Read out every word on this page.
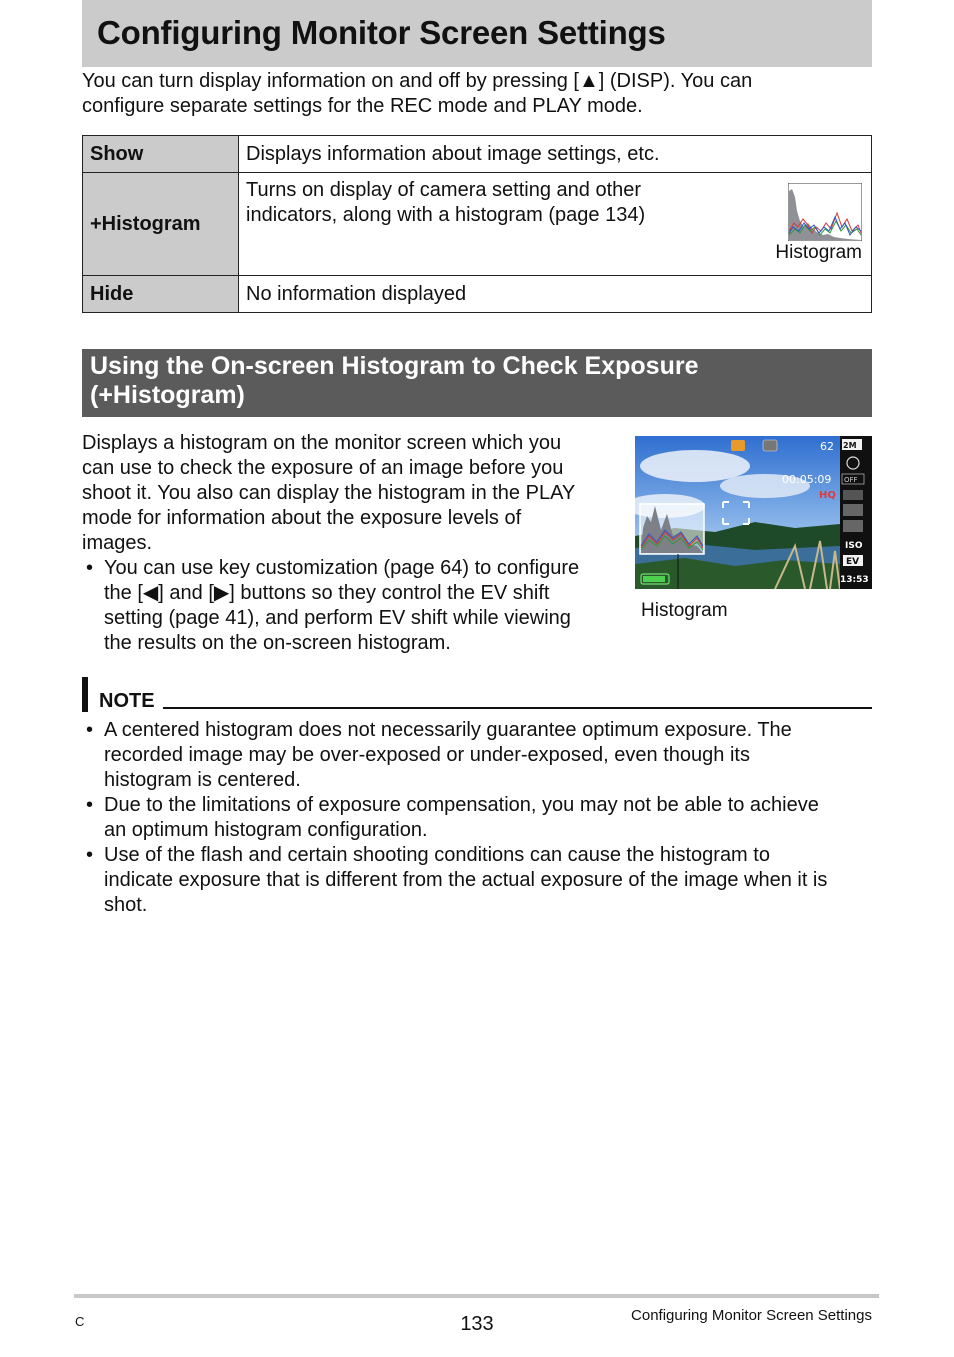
Configuring Monitor Screen Settings
You can turn display information on and off by pressing [▲] (DISP). You can
configure separate settings for the REC mode and PLAY mode.
Show	Displays information about image settings, etc.
+Histogram	Turns on display of camera setting and other
indicators, along with a histogram (page 134)
Histogram

Hide	No information displayed
Using the On-screen Histogram to Check Exposure
(+Histogram)
Displays a histogram on the monitor screen which you
can use to check the exposure of an image before you
shoot it. You also can display the histogram in the PLAY
mode for information about the exposure levels of
images.
• You can use key customization (page 64) to configure
the [◀] and [▶] buttons so they control the EV shift
setting (page 41), and perform EV shift while viewing
the results on the on-screen histogram.
62
00:05:09
HQ
2M
OFF
ISO
EV
13:53
Histogram
NOTE
• A centered histogram does not necessarily guarantee optimum exposure. The
recorded image may be over-exposed or under-exposed, even though its
histogram is centered.
• Due to the limitations of exposure compensation, you may not be able to achieve
an optimum histogram configuration.
• Use of the flash and certain shooting conditions can cause the histogram to
indicate exposure that is different from the actual exposure of the image when it is
shot.
C	133	Configuring Monitor Screen Settings
